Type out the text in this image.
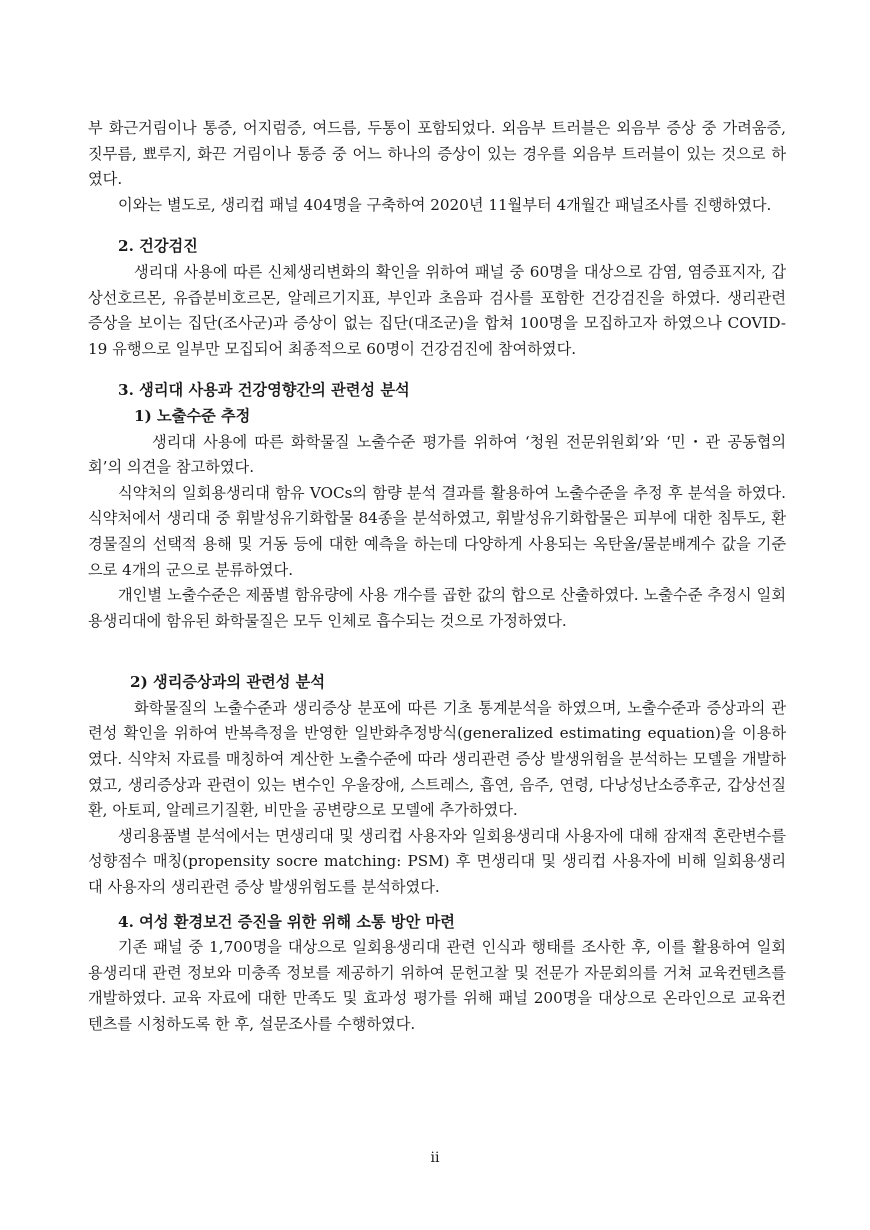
부 화근거림이나 통증, 어지럼증, 여드름, 두통이 포함되었다. 외음부 트러블은 외음부 증상 중 가려움증, 짓무름, 뾰루지, 화끈 거림이나 통증 중 어느 하나의 증상이 있는 경우를 외음부 트러블이 있는 것으로 하였다.

이와는 별도로, 생리컵 패널 404명을 구축하여 2020년 11월부터 4개월간 패널조사를 진행하였다.

2. 건강검진

생리대 사용에 따른 신체생리변화의 확인을 위하여 패널 중 60명을 대상으로 감염, 염증표지자, 갑상선호르몬, 유즙분비호르몬, 알레르기지표, 부인과 초음파 검사를 포함한 건강검진을 하였다. 생리관련 증상을 보이는 집단(조사군)과 증상이 없는 집단(대조군)을 합쳐 100명을 모집하고자 하였으나 COVID-19 유행으로 일부만 모집되어 최종적으로 60명이 건강검진에 참여하였다.

3. 생리대 사용과 건강영향간의 관련성 분석
1) 노출수준 추정

생리대 사용에 따른 화학물질 노출수준 평가를 위하여 ‘청원 전문위원회’와 ‘민・관 공동협의회’의 의견을 참고하였다.

식약처의 일회용생리대 함유 VOCs의 함량 분석 결과를 활용하여 노출수준을 추정 후 분석을 하였다. 식약처에서 생리대 중 휘발성유기화합물 84종을 분석하였고, 휘발성유기화합물은 피부에 대한 침투도, 환경물질의 선택적 용해 및 거동 등에 대한 예측을 하는데 다양하게 사용되는 옥탄올/물분배계수 값을 기준으로 4개의 군으로 분류하였다.

개인별 노출수준은 제품별 함유량에 사용 개수를 곱한 값의 합으로 산출하였다. 노출수준 추정시 일회용생리대에 함유된 화학물질은 모두 인체로 흡수되는 것으로 가정하였다.

2) 생리증상과의 관련성 분석

화학물질의 노출수준과 생리증상 분포에 따른 기초 통계분석을 하였으며, 노출수준과 증상과의 관련성 확인을 위하여 반복측정을 반영한 일반화추정방식(generalized estimating equation)을 이용하였다. 식약처 자료를 매칭하여 계산한 노출수준에 따라 생리관련 증상 발생위험을 분석하는 모델을 개발하였고, 생리증상과 관련이 있는 변수인 우울장애, 스트레스, 흡연, 음주, 연령, 다낭성난소증후군, 갑상선질환, 아토피, 알레르기질환, 비만을 공변량으로 모델에 추가하였다.

생리용품별 분석에서는 면생리대 및 생리컵 사용자와 일회용생리대 사용자에 대해 잠재적 혼란변수를 성향점수 매칭(propensity socre matching: PSM) 후 면생리대 및 생리컵 사용자에 비해 일회용생리대 사용자의 생리관련 증상 발생위험도를 분석하였다.

4. 여성 환경보건 증진을 위한 위해 소통 방안 마련

기존 패널 중 1,700명을 대상으로 일회용생리대 관련 인식과 행태를 조사한 후, 이를 활용하여 일회용생리대 관련 정보와 미충족 정보를 제공하기 위하여 문헌고찰 및 전문가 자문회의를 거쳐 교육컨텐츠를 개발하였다. 교육 자료에 대한 만족도 및 효과성 평가를 위해 패널 200명을 대상으로 온라인으로 교육컨텐츠를 시청하도록 한 후, 설문조사를 수행하였다.

ii
